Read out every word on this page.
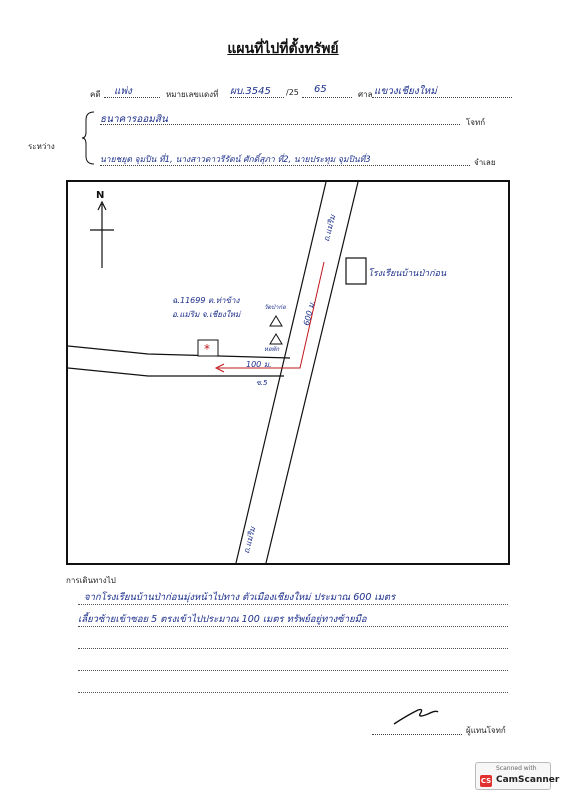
แผนที่ไปที่ตั้งทรัพย์
คดี แพ่ง	หมายเลขแดงที่ ผบ.3545 /25 65	ศาล แขวงเชียงใหม่
ระหว่าง
ธนาคารออมสิน	โจทก์
นายชยุต จุมปิน ที่1, นางสาวดาวรีรัตน์ ศักดิ์สุภา ที่2, นายประทุม จุมปินที่3	จำเลย
ถ.แม่ริม
ถ.แม่ริม
โรงเรียนบ้านป่าก่อน
ฉ.11699 ต.ท่าข้าง
อ.แม่ริม จ.เชียงใหม่
*
วัดป่าก่อ
หอพัก
600 ม.
100 ม.
ซ.5
N
การเดินทางไป
จากโรงเรียนบ้านป่าก่อนมุ่งหน้าไปทาง ตัวเมืองเชียงใหม่ ประมาณ 600 เมตร
เลี้ยวซ้ายเข้าซอย 5 ตรงเข้าไปประมาณ 100 เมตร ทรัพย์อยู่ทางซ้ายมือ
ผู้แทนโจทก์
CS
Scanned with
CamScanner
